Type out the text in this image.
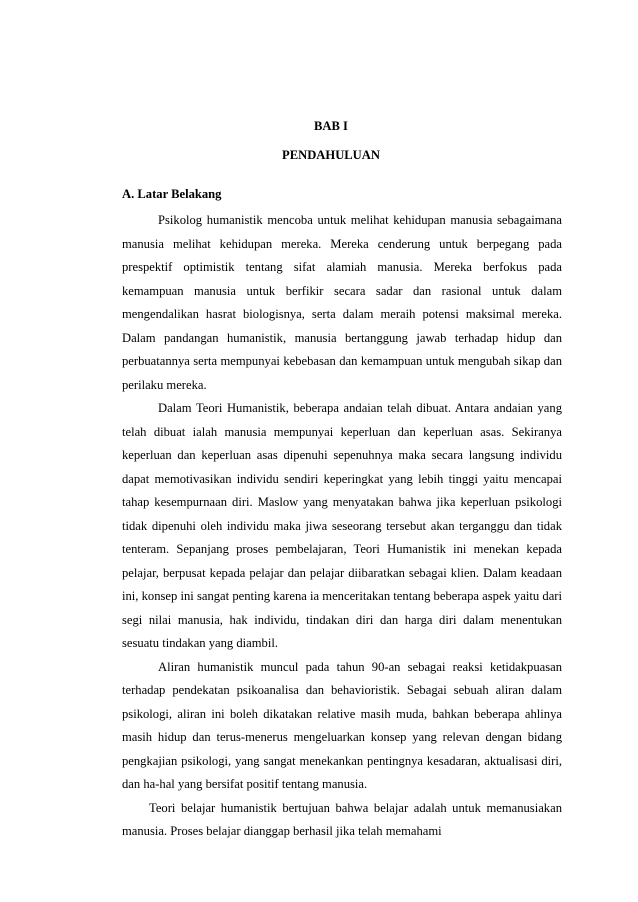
BAB I
PENDAHULUAN
A. Latar Belakang

Psikolog humanistik mencoba untuk melihat kehidupan manusia sebagaimana manusia melihat kehidupan mereka. Mereka cenderung untuk berpegang pada prespektif optimistik tentang sifat alamiah manusia. Mereka berfokus pada kemampuan manusia untuk berfikir secara sadar dan rasional untuk dalam mengendalikan hasrat biologisnya, serta dalam meraih potensi maksimal mereka. Dalam pandangan humanistik, manusia bertanggung jawab terhadap hidup dan perbuatannya serta mempunyai kebebasan dan kemampuan untuk mengubah sikap dan perilaku mereka.

Dalam Teori Humanistik, beberapa andaian telah dibuat. Antara andaian yang telah dibuat ialah manusia mempunyai keperluan dan keperluan asas. Sekiranya keperluan dan keperluan asas dipenuhi sepenuhnya maka secara langsung individu dapat memotivasikan individu sendiri keperingkat yang lebih tinggi yaitu mencapai tahap kesempurnaan diri. Maslow yang menyatakan bahwa jika keperluan psikologi tidak dipenuhi oleh individu maka jiwa seseorang tersebut akan terganggu dan tidak tenteram. Sepanjang proses pembelajaran, Teori Humanistik ini menekan kepada pelajar, berpusat kepada pelajar dan pelajar diibaratkan sebagai klien. Dalam keadaan ini, konsep ini sangat penting karena ia menceritakan tentang beberapa aspek yaitu dari segi nilai manusia, hak individu, tindakan diri dan harga diri dalam menentukan sesuatu tindakan yang diambil.

Aliran humanistik muncul pada tahun 90-an sebagai reaksi ketidakpuasan terhadap pendekatan psikoanalisa dan behavioristik. Sebagai sebuah aliran dalam psikologi, aliran ini boleh dikatakan relative masih muda, bahkan beberapa ahlinya masih hidup dan terus-menerus mengeluarkan konsep yang relevan dengan bidang pengkajian psikologi, yang sangat menekankan pentingnya kesadaran, aktualisasi diri, dan ha-hal yang bersifat positif tentang manusia.

Teori belajar humanistik bertujuan bahwa belajar adalah untuk memanusiakan manusia. Proses belajar dianggap berhasil jika telah memahami
